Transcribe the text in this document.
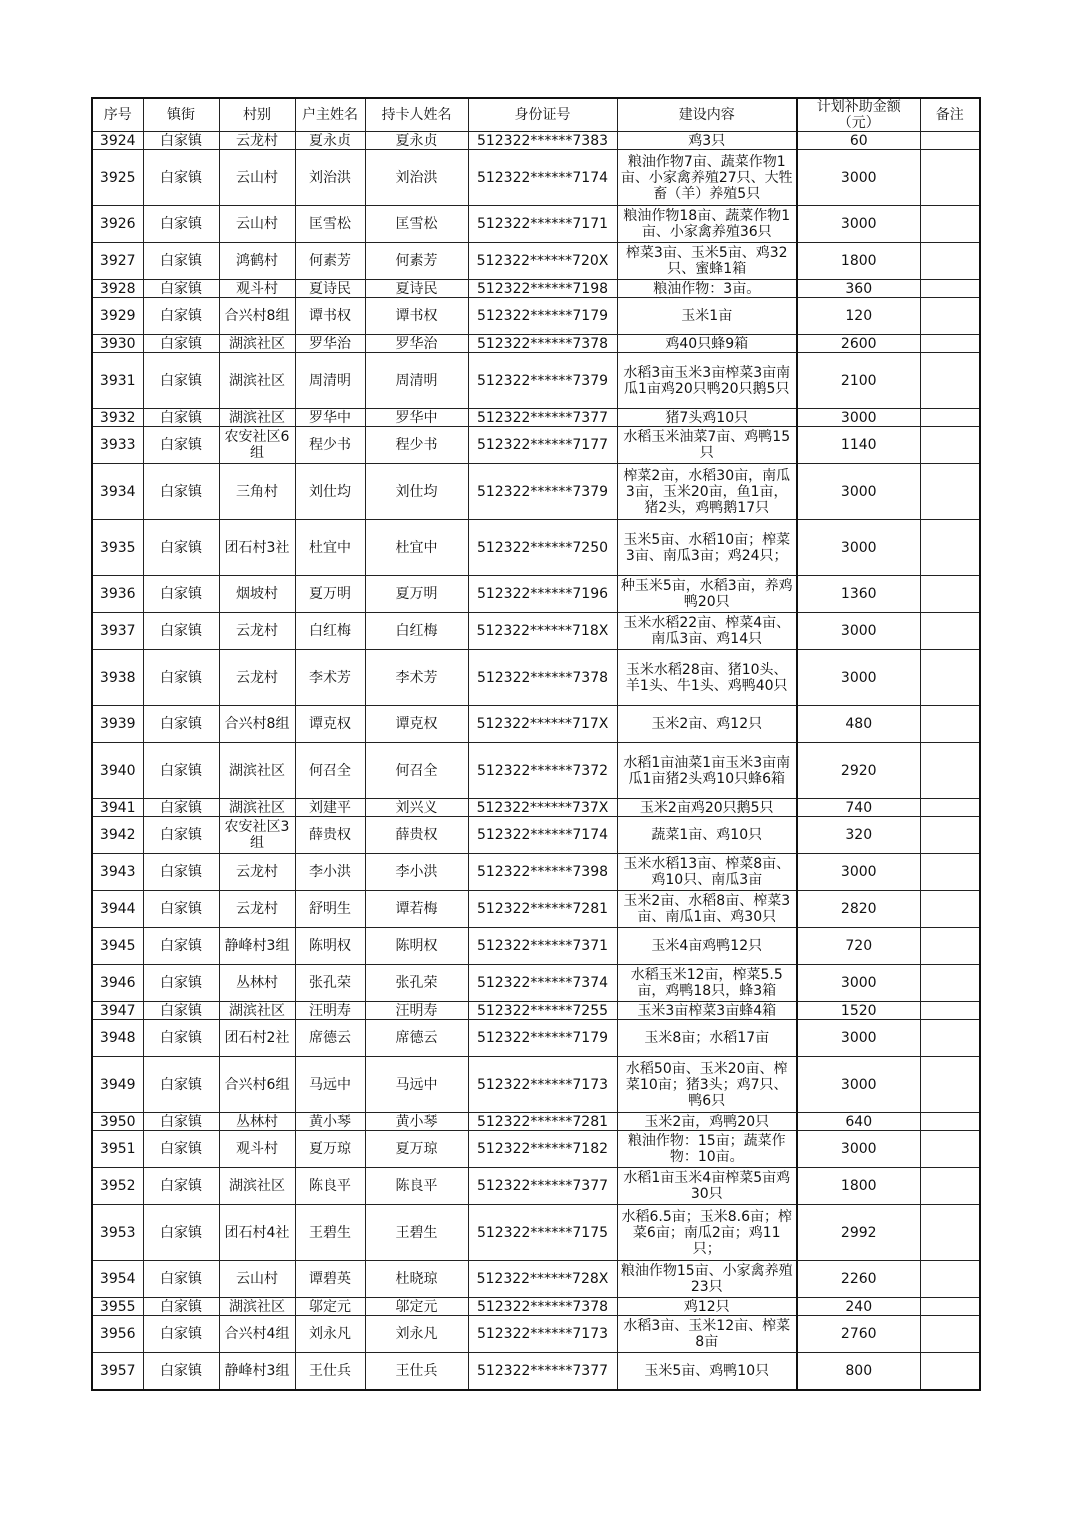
序号	镇街	村别	户主姓名	持卡人姓名	身份证号	建设内容	计划补助金额（元）	备注
3924	白家镇	云龙村	夏永贞	夏永贞	512322******7383	鸡3只	60	
3925	白家镇	云山村	刘治洪	刘治洪	512322******7174	粮油作物7亩、蔬菜作物1亩、小家禽养殖27只、大牲畜（羊）养殖5只	3000	
3926	白家镇	云山村	匡雪松	匡雪松	512322******7171	粮油作物18亩、蔬菜作物1亩、小家禽养殖36只	3000	
3927	白家镇	鸿鹤村	何素芳	何素芳	512322******720X	榨菜3亩、玉米5亩、鸡32只、蜜蜂1箱	1800	
3928	白家镇	观斗村	夏诗民	夏诗民	512322******7198	粮油作物：3亩。	360	
3929	白家镇	合兴村8组	谭书权	谭书权	512322******7179	玉米1亩	120	
3930	白家镇	湖滨社区	罗华治	罗华治	512322******7378	鸡40只蜂9箱	2600	
3931	白家镇	湖滨社区	周清明	周清明	512322******7379	水稻3亩玉米3亩榨菜3亩南瓜1亩鸡20只鸭20只鹅5只	2100	
3932	白家镇	湖滨社区	罗华中	罗华中	512322******7377	猪7头鸡10只	3000	
3933	白家镇	农安社区6组	程少书	程少书	512322******7177	水稻玉米油菜7亩、鸡鸭15只	1140	
3934	白家镇	三角村	刘仕均	刘仕均	512322******7379	榨菜2亩，水稻30亩，南瓜3亩，玉米20亩，鱼1亩，猪2头，鸡鸭鹅17只	3000	
3935	白家镇	团石村3社	杜宜中	杜宜中	512322******7250	玉米5亩、水稻10亩；榨菜3亩、南瓜3亩；鸡24只；	3000	
3936	白家镇	烟坡村	夏万明	夏万明	512322******7196	种玉米5亩，水稻3亩，养鸡鸭20只	1360	
3937	白家镇	云龙村	白红梅	白红梅	512322******718X	玉米水稻22亩、榨菜4亩、南瓜3亩、鸡14只	3000	
3938	白家镇	云龙村	李术芳	李术芳	512322******7378	玉米水稻28亩、猪10头、羊1头、牛1头、鸡鸭40只	3000	
3939	白家镇	合兴村8组	谭克权	谭克权	512322******717X	玉米2亩、鸡12只	480	
3940	白家镇	湖滨社区	何召全	何召全	512322******7372	水稻1亩油菜1亩玉米3亩南瓜1亩猪2头鸡10只蜂6箱	2920	
3941	白家镇	湖滨社区	刘建平	刘兴义	512322******737X	玉米2亩鸡20只鹅5只	740	
3942	白家镇	农安社区3组	薛贵权	薛贵权	512322******7174	蔬菜1亩、鸡10只	320	
3943	白家镇	云龙村	李小洪	李小洪	512322******7398	玉米水稻13亩、榨菜8亩、鸡10只、南瓜3亩	3000	
3944	白家镇	云龙村	舒明生	谭若梅	512322******7281	玉米2亩、水稻8亩、榨菜3亩、南瓜1亩、鸡30只	2820	
3945	白家镇	静峰村3组	陈明权	陈明权	512322******7371	玉米4亩鸡鸭12只	720	
3946	白家镇	丛林村	张孔荣	张孔荣	512322******7374	水稻玉米12亩，榨菜5.5亩，鸡鸭18只，蜂3箱	3000	
3947	白家镇	湖滨社区	汪明寿	汪明寿	512322******7255	玉米3亩榨菜3亩蜂4箱	1520	
3948	白家镇	团石村2社	席德云	席德云	512322******7179	玉米8亩；水稻17亩	3000	
3949	白家镇	合兴村6组	马远中	马远中	512322******7173	水稻50亩、玉米20亩、榨菜10亩；猪3头；鸡7只、鸭6只	3000	
3950	白家镇	丛林村	黄小琴	黄小琴	512322******7281	玉米2亩，鸡鸭20只	640	
3951	白家镇	观斗村	夏万琼	夏万琼	512322******7182	粮油作物：15亩；蔬菜作物：10亩。	3000	
3952	白家镇	湖滨社区	陈良平	陈良平	512322******7377	水稻1亩玉米4亩榨菜5亩鸡30只	1800	
3953	白家镇	团石村4社	王碧生	王碧生	512322******7175	水稻6.5亩；玉米8.6亩；榨菜6亩；南瓜2亩；鸡11只；	2992	
3954	白家镇	云山村	谭碧英	杜晓琼	512322******728X	粮油作物15亩、小家禽养殖23只	2260	
3955	白家镇	湖滨社区	邬定元	邬定元	512322******7378	鸡12只	240	
3956	白家镇	合兴村4组	刘永凡	刘永凡	512322******7173	水稻3亩、玉米12亩、榨菜8亩	2760	
3957	白家镇	静峰村3组	王仕兵	王仕兵	512322******7377	玉米5亩、鸡鸭10只	800	
